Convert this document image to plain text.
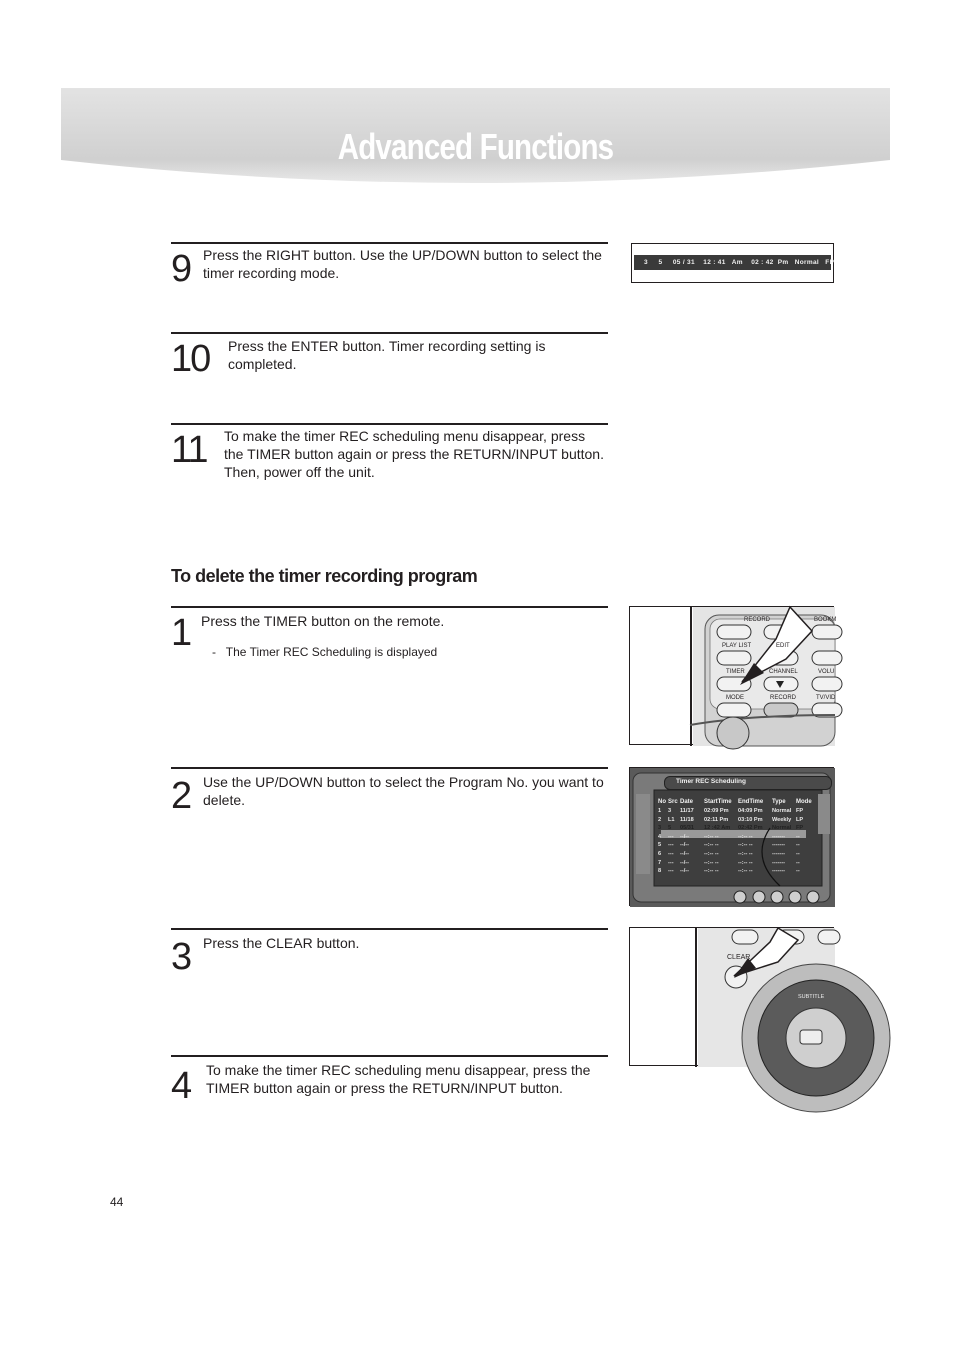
Advanced Functions
9 Press the RIGHT button. Use the UP/DOWN button to select the timer recording mode.
3     5     05 / 31    12 : 41   Am    02 : 42  Pm   Normal   FP
10 Press the ENTER button. Timer recording setting is completed.
11 To make the timer REC scheduling menu disappear, press the TIMER button again or press the RETURN/INPUT button. Then, power off the unit.
To delete the timer recording program
1 Press the TIMER button on the remote.
-   The Timer REC Scheduling is displayed
RECORD	BOOKM
PLAY LIST	EDIT
TIMER	CHANNEL	VOLU
MODE	RECORD	TV/VID
2 Use the UP/DOWN button to select the Program No. you want to delete.
Timer REC Scheduling
No Src Date	StartTime	EndTime	Type	Mode
1	3	11/17	02:09 Pm	04:09 Pm	Normal FP
2	L1 11/18	02:11 Pm	03:10 Pm	Weekly LP
3	5	05/31	12 :42 Am	02:42 Pm	Normal FP
4	---	--/--	--:-- --	--:-- --	-------	--
5	---	--/--	--:-- --	--:-- --	-------	--
6	---	--/--	--:-- --	--:-- --	-------	--
7	---	--/--	--:-- --	--:-- --	-------	--
8	---	--/--	--:-- --	--:-- --	-------	--
3 Press the CLEAR button.
CLEAR
SUBTITLE
4 To make the timer REC scheduling menu disappear, press the TIMER button again or press the RETURN/INPUT button.
44
